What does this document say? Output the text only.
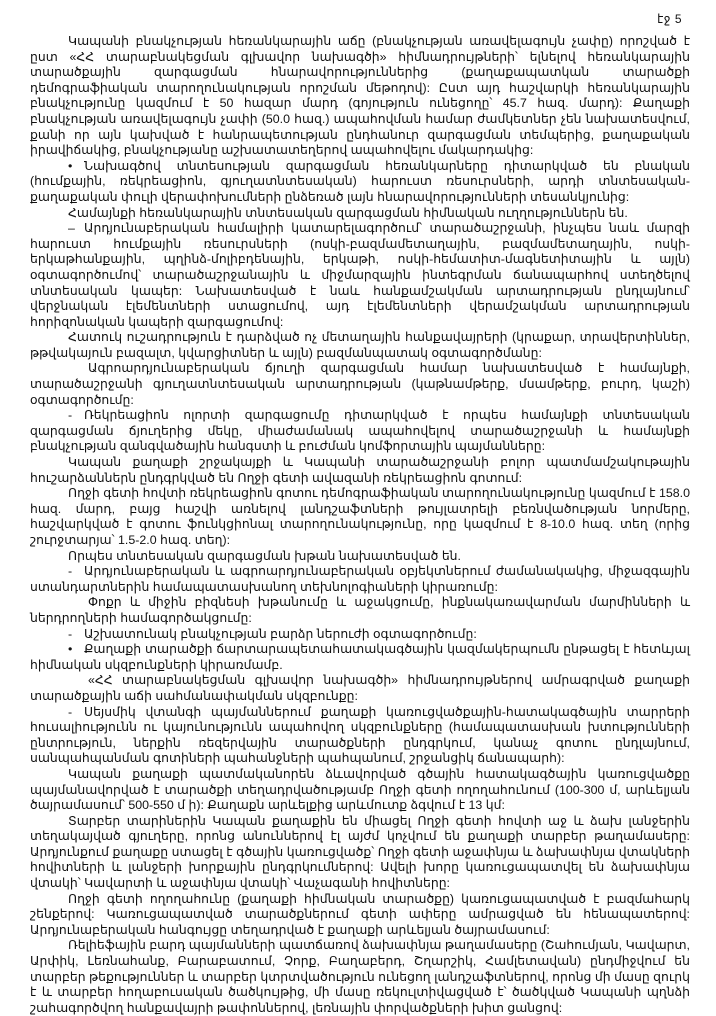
էջ 5

Կապանի բնակչության հեռանկարային աճը (բնակչության առավելագույն չափը) որոշված է ըստ «ՀՀ տարաբնակեցման գլխավոր նախագծի» հիմնադրույթների՝ ելնելով հեռանկարային տարածքային զարգացման հնարավորություններից (քաղաքապատկան տարածքի դեմոգրաֆիական տարողունակության որոշման մեթոդով): Ըստ այդ հաշվարկի հեռանկարային բնակչությունը կազմում է 50 հազար մարդ (գոյություն ունեցողը՝ 45.7 հազ. մարդ): Քաղաքի բնակչության առավելագույն չափի (50.0 հազ.) ապահովման համար ժամկետներ չեն նախատեսվում, քանի որ այն կախված է հանրապետության ընդհանուր զարգացման տեմպերից, քաղաքական իրավիճակից, բնակչությանը աշխատատեղերով ապահովելու մակարդակից:

• Նախագծով տնտեսության զարգացման հեռանկարները դիտարկված են բնական (հումքային, ռեկրեացիոն, գյուղատնտեսական) հարուստ ռեսուրսների, արդի տնտեսական-քաղաքական փուլի վերափոխումների ընձեռած լայն հնարավորությունների տեսանկյունից:

Համայնքի հեռանկարային տնտեսական զարգացման հիմնական ուղղություններն են.

– Արդյունաբերական համալիրի կատարելագործում՝ տարածաշրջանի, ինչպես նաև մարզի հարուստ հումքային ռեսուրսների (ոսկի-բազմամետաղային, բազմամետաղային, ոսկի-երկաթհանքային, պղինձ-մոլիբդենային, երկաթի, ոսկի-հեմատիտ-մագնետիտային և այլն) օգտագործումով՝ տարածաշրջանային և միջմարզային ինտեգրման ճանապարհով ստեղծելով տնտեսական կապեր: Նախատեսված է նաև հանքամշակման արտադրության ընդլայնում՝ վերջնական էլեմենտների ստացումով, այդ էլեմենտների վերամշակման արտադրության հորիզոնական կապերի զարգացումով:

Հատուկ ուշադրություն է դարձված ոչ մետաղային հանքավայրերի (կրաքար, տրավերտիններ, թթվակայուն բազալտ, կվարցիտներ և այլն) բազմանպատակ օգտագործմանը:

Ագրոարդյունաբերական ճյուղի զարգացման համար նախատեսված է համայնքի, տարածաշրջանի գյուղատնտեսական արտադրության (կաթնամթերք, մսամթերք, բուրդ, կաշի) օգտագործումը:

- Ռեկրեացիոն ոլորտի զարգացումը դիտարկված է որպես համայնքի տնտեսական զարգացման ճյուղերից մեկը, միաժամանակ ապահովելով տարածաշրջանի և համայնքի բնակչության զանգվածային հանգստի և բուժման կոմֆորտային պայմանները:

Կապան քաղաքի շրջակայքի և Կապանի տարածաշրջանի բոլոր պատմամշակութային հուշարձաններն ընդգրկված են Ողջի գետի ավազանի ռեկրեացիոն գոտում:

Ողջի գետի հովտի ռեկրեացիոն գոտու դեմոգրաֆիական տարողունակությունը կազմում է 158.0 հազ. մարդ, բայց հաշվի առնելով լանդշաֆտների թույլատրելի բեռնվածության նորմերը, հաշվարկված է գոտու ֆունկցիոնալ տարողունակությունը, որը կազմում է 8-10.0 հազ. տեղ (որից շուրջտարյա՝ 1.5-2.0 հազ. տեղ):

Որպես տնտեսական զարգացման խթան նախատեսված են.

- Արդյունաբերական և ագրոարդյունաբերական օբյեկտներում ժամանակակից, միջազգային ստանդարտներին համապատասխանող տեխնոլոգիաների կիրառումը:

Փոքր և միջին բիզնեսի խթանումը և աջակցումը, ինքնակառավարման մարմինների և ներդրողների համագործակցումը:

- Աշխատունակ բնակչության բարձր ներուժի օգտագործումը:

• Քաղաքի տարածքի ճարտարապետահատակագծային կազմակերպումն ընթացել է հետևյալ հիմնական սկզբունքների կիրառմամբ.

«ՀՀ տարաբնակեցման գլխավոր նախագծի» հիմնադրույթներով ամրագրված քաղաքի տարածքային աճի սահմանափակման սկզբունքը:

- Սեյսմիկ վտանգի պայմաններում քաղաքի կառուցվածքային-հատակագծային տարրերի հուսալիությունն ու կայունությունն ապահովող սկզբունքները (համապատասխան խտությունների ընտրություն, ներքին ռեզերվային տարածքների ընդգրկում, կանաչ գոտու ընդլայնում, սանպահպանման գոտիների պահանջների պահպանում, շրջանցիկ ճանապարհ):

Կապան քաղաքի պատմականորեն ձևավորված գծային հատակագծային կառուցվածքը պայմանավորված է տարածքի տեղադրվածությամբ Ողջի գետի ողողահունում (100-300 մ, արևելյան ծայրամասում՝ 500-550 մ ի): Քաղաքն արևելքից արևմուտք ձգվում է 13 կմ:

Տարբեր տարիներին Կապան քաղաքին են միացել Ողջի գետի հովտի աջ և ձախ լանջերին տեղակայված գյուղերը, որոնց անուններով էլ այժմ կոչվում են քաղաքի տարբեր թաղամասերը: Արդյունքում քաղաքը ստացել է գծային կառուցվածք՝ Ողջի գետի աջափնյա և ձախափնյա վտակների հովիտների և լանջերի խորքային ընդգրկումներով: Ավելի խորը կառուցապատվել են ձախափնյա վտակի՝ Կավարտի և աջափնյա վտակի՝ Վաչագանի հովիտները:

Ողջի գետի ողողահունը (քաղաքի հիմնական տարածքը) կառուցապատված է բազմահարկ շենքերով: Կառուցապատված տարածքներում գետի ափերը ամրացված են հենապատերով: Արդյունաբերական հանգույցը տեղադրված է քաղաքի արևելյան ծայրամասում:

Ռելիեֆային բարդ պայմանների պատճառով ձախափնյա թաղամասերը (Շահումյան, Կավարտ, Արփիկ, Լեռնահանք, Բարաբատում, Չորք, Բաղաբերդ, Շղարշիկ, Համլետավան) ընդմիջվում են տարբեր թեքություններ և տարբեր կտրտվածություն ունեցող լանդշաֆտներով, որոնց մի մասը զուրկ է և տարբեր հողաբուսական ծածկույթից, մի մասը ռեկուլտիվացված է՝ ծածկված Կապանի պղնձի շահագործվող հանքավայրի թափոններով, լեռնային փորվածքների խիտ ցանցով:
